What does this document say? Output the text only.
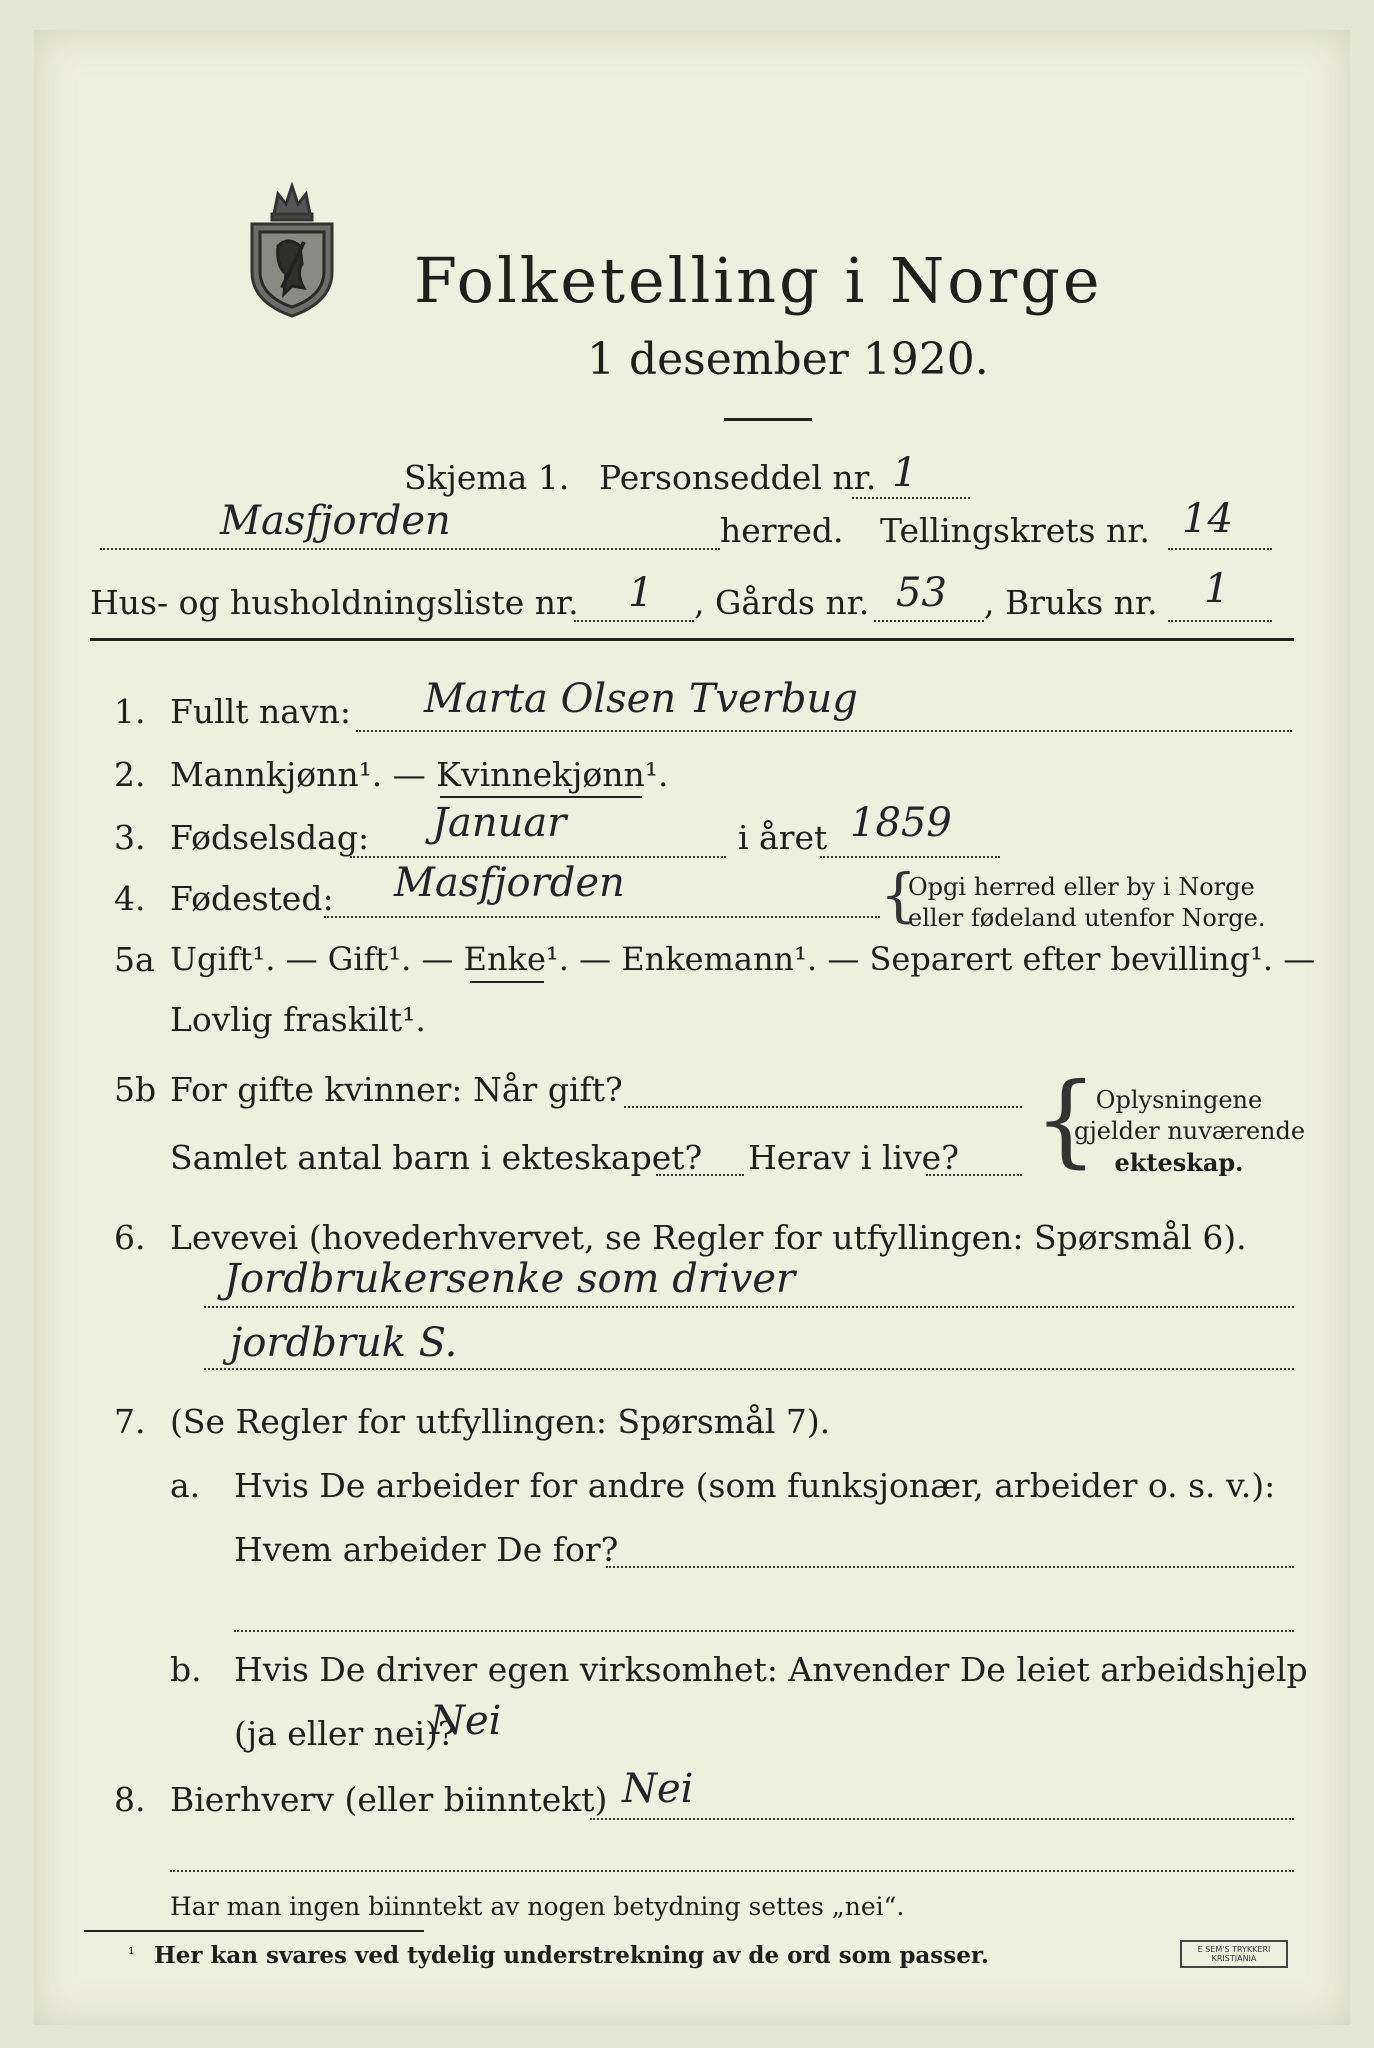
Folketelling i Norge
1 desember 1920.
Skjema 1. Personseddel nr. 1
Masfjorden	herred. Tellingskrets nr. 14
Hus- og husholdningsliste nr. 1 , Gårds nr. 53 , Bruks nr. 1
1. Fullt navn: Marta Olsen Tverbug
2. Mannkjønn¹. — Kvinnekjønn¹.
3. Fødselsdag: Januar	i året 1859
4. Fødested: Masfjorden	{
Opgi herred eller by i Norge
eller fødeland utenfor Norge.
5a Ugift¹. — Gift¹. — Enke¹. — Enkemann¹. — Separert efter bevilling¹. —
Lovlig fraskilt¹.
5b For gifte kvinner: Når gift?
Samlet antal barn i ekteskapet? Herav i live? {
Oplysningene
gjelder nuværende
ekteskap.
6. Levevei (hovederhvervet, se Regler for utfyllingen: Spørsmål 6).
Jordbrukersenke som driver
jordbruk S.
7. (Se Regler for utfyllingen: Spørsmål 7).
a. Hvis De arbeider for andre (som funksjonær, arbeider o. s. v.):
Hvem arbeider De for?
b. Hvis De driver egen virksomhet: Anvender De leiet arbeidshjelp
(ja eller nei)?
Nei
8. Bierhverv (eller biinntekt) Nei
Har man ingen biinntekt av nogen betydning settes „nei“.
¹ Her kan svares ved tydelig understrekning av de ord som passer.	E SEM'S TRYKKERI
KRISTIANIA
